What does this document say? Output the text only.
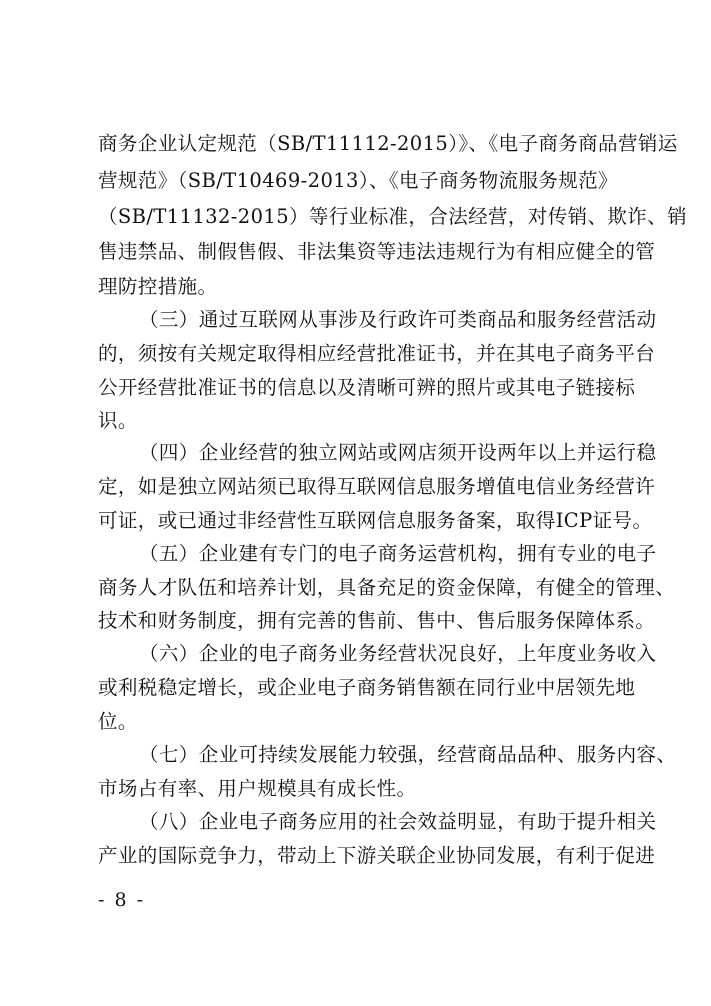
商务企业认定规范（SB/T11112-2015）》、《电子商务商品营销运
营规范》（SB/T10469-2013）、《电子商务物流服务规范》
（SB/T11132-2015）等行业标准，合法经营，对传销、欺诈、销
售违禁品、制假售假、非法集资等违法违规行为有相应健全的管
理防控措施。
（三）通过互联网从事涉及行政许可类商品和服务经营活动
的，须按有关规定取得相应经营批准证书，并在其电子商务平台
公开经营批准证书的信息以及清晰可辨的照片或其电子链接标
识。
（四）企业经营的独立网站或网店须开设两年以上并运行稳
定，如是独立网站须已取得互联网信息服务增值电信业务经营许
可证，或已通过非经营性互联网信息服务备案，取得ICP证号。
（五）企业建有专门的电子商务运营机构，拥有专业的电子
商务人才队伍和培养计划，具备充足的资金保障，有健全的管理、
技术和财务制度，拥有完善的售前、售中、售后服务保障体系。
（六）企业的电子商务业务经营状况良好，上年度业务收入
或利税稳定增长，或企业电子商务销售额在同行业中居领先地
位。
（七）企业可持续发展能力较强，经营商品品种、服务内容、
市场占有率、用户规模具有成长性。
（八）企业电子商务应用的社会效益明显，有助于提升相关
产业的国际竞争力，带动上下游关联企业协同发展，有利于促进
- 8 -
